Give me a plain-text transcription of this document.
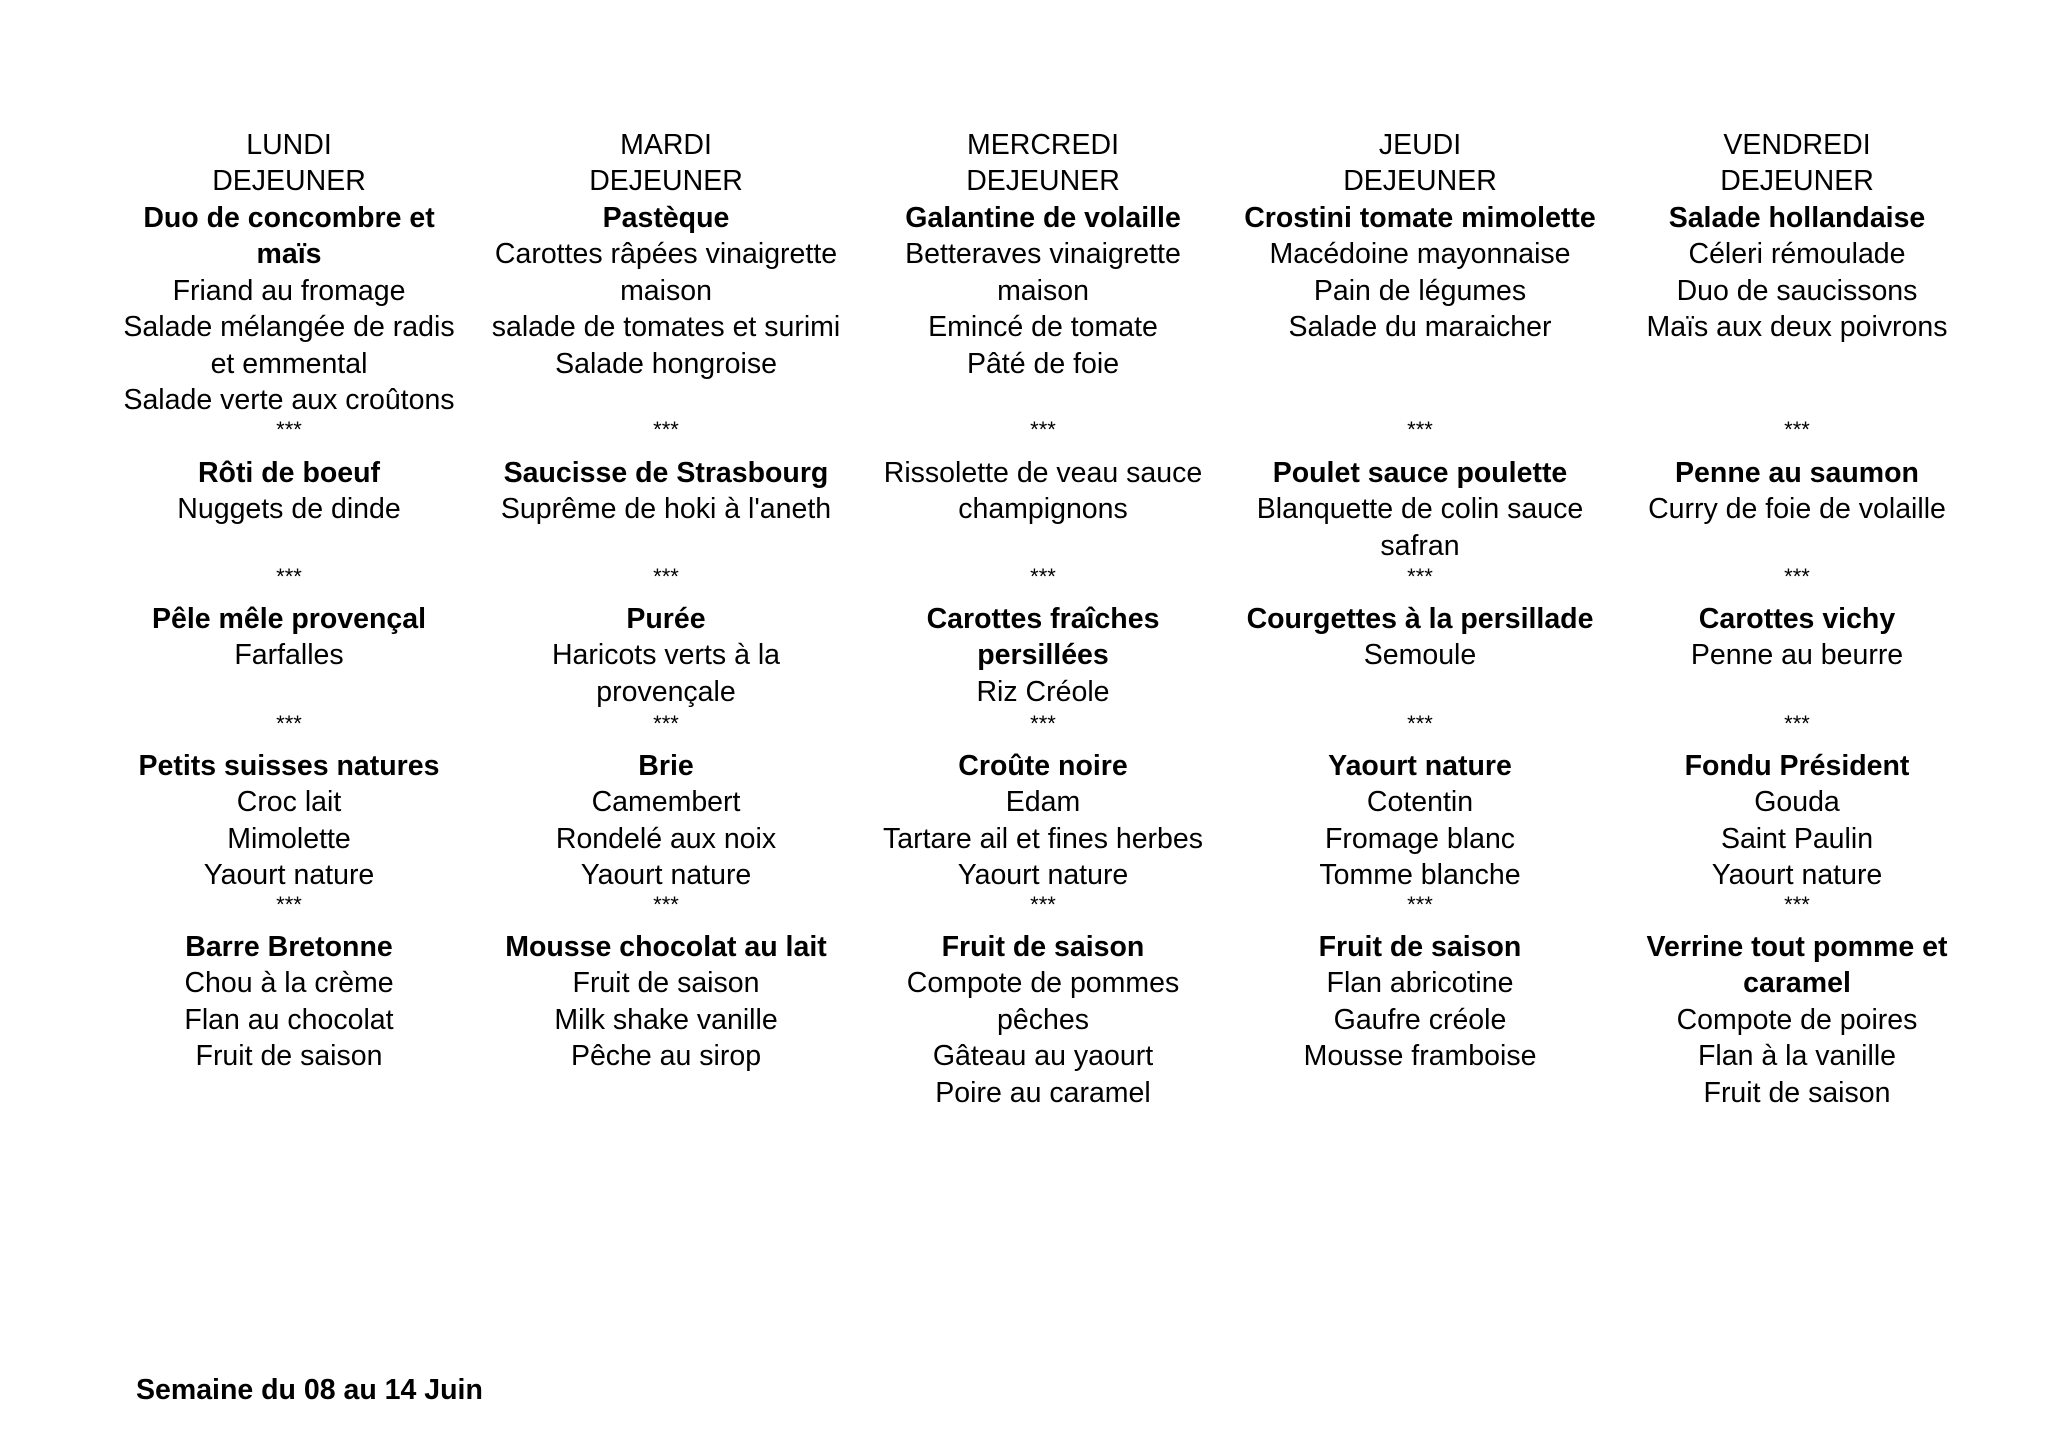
LUNDI
DEJEUNER
Duo de concombre et
maïs
Friand au fromage
Salade mélangée de radis
et emmental
Salade verte aux croûtons
***
Rôti de boeuf
Nuggets de dinde
***
Pêle mêle provençal
Farfalles
***
Petits suisses natures
Croc lait
Mimolette
Yaourt nature
***
Barre Bretonne
Chou à la crème
Flan au chocolat
Fruit de saison
MARDI
DEJEUNER
Pastèque
Carottes râpées vinaigrette
maison
salade de tomates et surimi
Salade hongroise
***
Saucisse de Strasbourg
Suprême de hoki à l'aneth
***
Purée
Haricots verts à la
provençale
***
Brie
Camembert
Rondelé aux noix
Yaourt nature
***
Mousse chocolat au lait
Fruit de saison
Milk shake vanille
Pêche au sirop
MERCREDI
DEJEUNER
Galantine de volaille
Betteraves vinaigrette
maison
Emincé de tomate
Pâté de foie
***
Rissolette de veau sauce
champignons
***
Carottes fraîches
persillées
Riz Créole
***
Croûte noire
Edam
Tartare ail et fines herbes
Yaourt nature
***
Fruit de saison
Compote de pommes
pêches
Gâteau au yaourt
Poire au caramel
JEUDI
DEJEUNER
Crostini tomate mimolette
Macédoine mayonnaise
Pain de légumes
Salade du maraicher
***
Poulet sauce poulette
Blanquette de colin sauce
safran
***
Courgettes à la persillade
Semoule
***
Yaourt nature
Cotentin
Fromage blanc
Tomme blanche
***
Fruit de saison
Flan abricotine
Gaufre créole
Mousse framboise
VENDREDI
DEJEUNER
Salade hollandaise
Céleri rémoulade
Duo de saucissons
Maïs aux deux poivrons
***
Penne au saumon
Curry de foie de volaille
***
Carottes vichy
Penne au beurre
***
Fondu Président
Gouda
Saint Paulin
Yaourt nature
***
Verrine tout pomme et
caramel
Compote de poires
Flan à la vanille
Fruit de saison
Semaine du 08 au 14 Juin
